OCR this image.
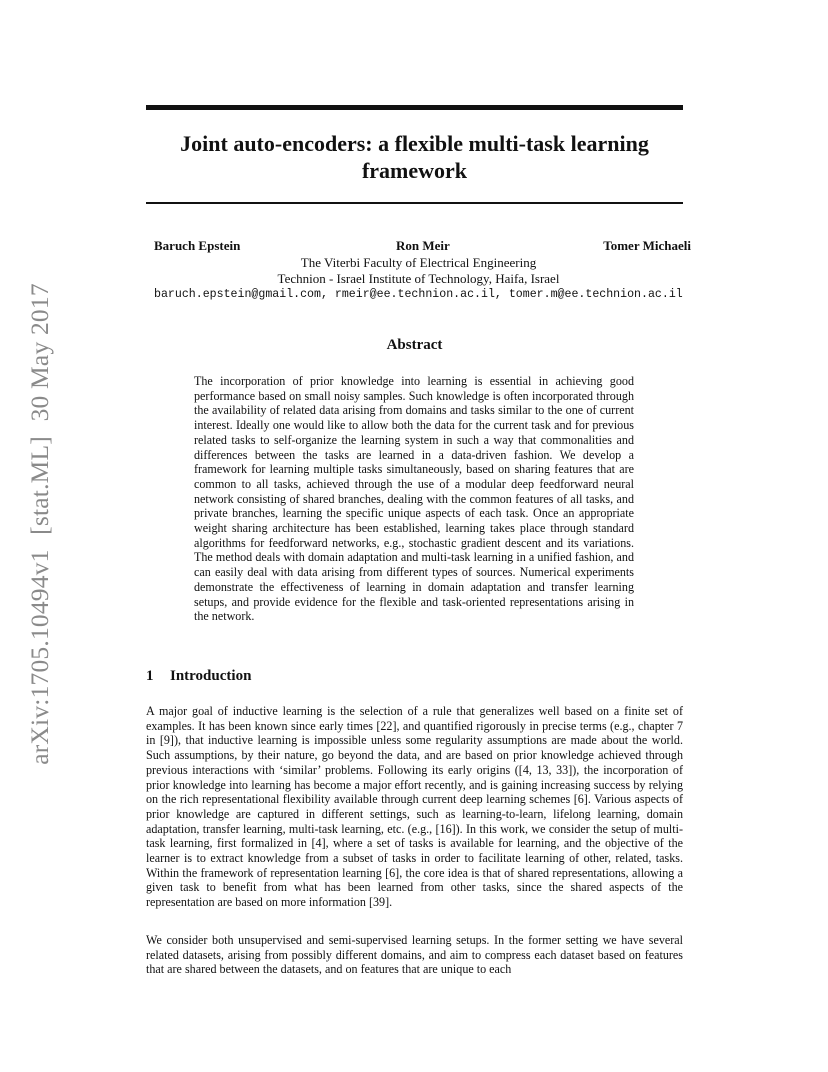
arXiv:1705.10494v1 [stat.ML] 30 May 2017
Joint auto-encoders: a flexible multi-task learning framework
Baruch Epstein	Ron Meir	Tomer Michaeli
The Viterbi Faculty of Electrical Engineering
Technion - Israel Institute of Technology, Haifa, Israel
baruch.epstein@gmail.com, rmeir@ee.technion.ac.il, tomer.m@ee.technion.ac.il
Abstract

The incorporation of prior knowledge into learning is essential in achieving good performance based on small noisy samples. Such knowledge is often incorporated through the availability of related data arising from domains and tasks similar to the one of current interest. Ideally one would like to allow both the data for the current task and for previous related tasks to self-organize the learning system in such a way that commonalities and differences between the tasks are learned in a data-driven fashion. We develop a framework for learning multiple tasks simultaneously, based on sharing features that are common to all tasks, achieved through the use of a modular deep feedforward neural network consisting of shared branches, dealing with the common features of all tasks, and private branches, learning the specific unique aspects of each task. Once an appropriate weight sharing architecture has been established, learning takes place through standard algorithms for feedforward networks, e.g., stochastic gradient descent and its variations. The method deals with domain adaptation and multi-task learning in a unified fashion, and can easily deal with data arising from different types of sources. Numerical experiments demonstrate the effectiveness of learning in domain adaptation and transfer learning setups, and provide evidence for the flexible and task-oriented representations arising in the network.

1 Introduction

A major goal of inductive learning is the selection of a rule that generalizes well based on a finite set of examples. It has been known since early times [22], and quantified rigorously in precise terms (e.g., chapter 7 in [9]), that inductive learning is impossible unless some regularity assumptions are made about the world. Such assumptions, by their nature, go beyond the data, and are based on prior knowledge achieved through previous interactions with ‘similar’ problems. Following its early origins ([4, 13, 33]), the incorporation of prior knowledge into learning has become a major effort recently, and is gaining increasing success by relying on the rich representational flexibility available through current deep learning schemes [6]. Various aspects of prior knowledge are captured in different settings, such as learning-to-learn, lifelong learning, domain adaptation, transfer learning, multi-task learning, etc. (e.g., [16]). In this work, we consider the setup of multi-task learning, first formalized in [4], where a set of tasks is available for learning, and the objective of the learner is to extract knowledge from a subset of tasks in order to facilitate learning of other, related, tasks. Within the framework of representation learning [6], the core idea is that of shared representations, allowing a given task to benefit from what has been learned from other tasks, since the shared aspects of the representation are based on more information [39].

We consider both unsupervised and semi-supervised learning setups. In the former setting we have several related datasets, arising from possibly different domains, and aim to compress each dataset based on features that are shared between the datasets, and on features that are unique to each
